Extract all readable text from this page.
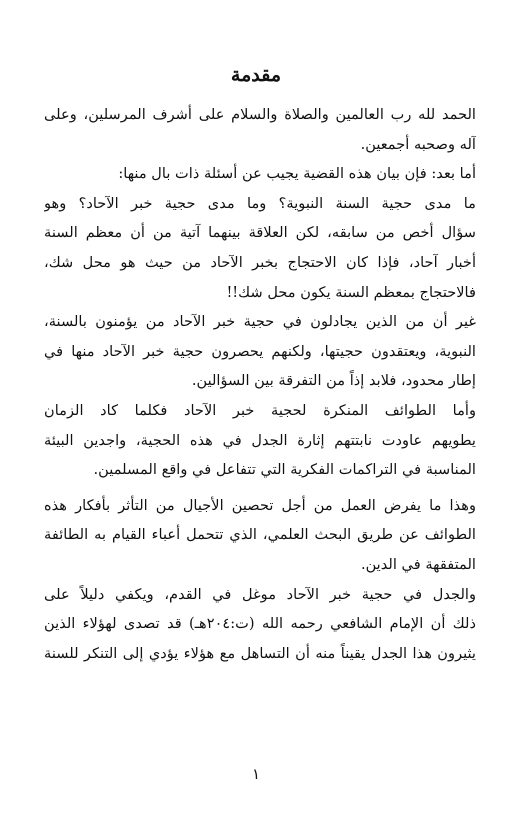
مقدمة
الحمد لله رب العالمين والصلاة والسلام على أشرف المرسلين، وعلى
آله وصحبه أجمعين.
أما بعد: فإن بيان هذه القضية يجيب عن أسئلة ذات بال منها:
ما مدى حجية السنة النبوية؟ وما مدى حجية خبر الآحاد؟ وهو
سؤال أخص من سابقه، لكن العلاقة بينهما آتية من أن معظم السنة
أخبار آحاد، فإذا كان الاحتجاج بخبر الآحاد من حيث هو محل شك،
فالاحتجاج بمعظم السنة يكون محل شك!!
غير أن من الذين يجادلون في حجية خبر الآحاد من يؤمنون بالسنة،
النبوية، ويعتقدون حجيتها، ولكنهم يحصرون حجية خبر الآحاد منها في
إطار محدود، فلابد إذاً من التفرقة بين السؤالين.
وأما الطوائف المنكرة لحجية خبر الآحاد فكلما كاد الزمان
يطويهم عاودت نابتتهم إثارة الجدل في هذه الحجية، واجدين البيئة
المناسبة في التراكمات الفكرية التي تتفاعل في واقع المسلمين.
وهذا ما يفرض العمل من أجل تحصين الأجيال من التأثر بأفكار هذه
الطوائف عن طريق البحث العلمي، الذي تتحمل أعباء القيام به الطائفة
المتفقهة في الدين.
والجدل في حجية خبر الآحاد موغل في القدم، ويكفي دليلاً على
ذلك أن الإمام الشافعي رحمه الله (ت:٢٠٤هـ) قد تصدى لهؤلاء الذين
يثيرون هذا الجدل يقيناً منه أن التساهل مع هؤلاء يؤدي إلى التنكر للسنة
١
